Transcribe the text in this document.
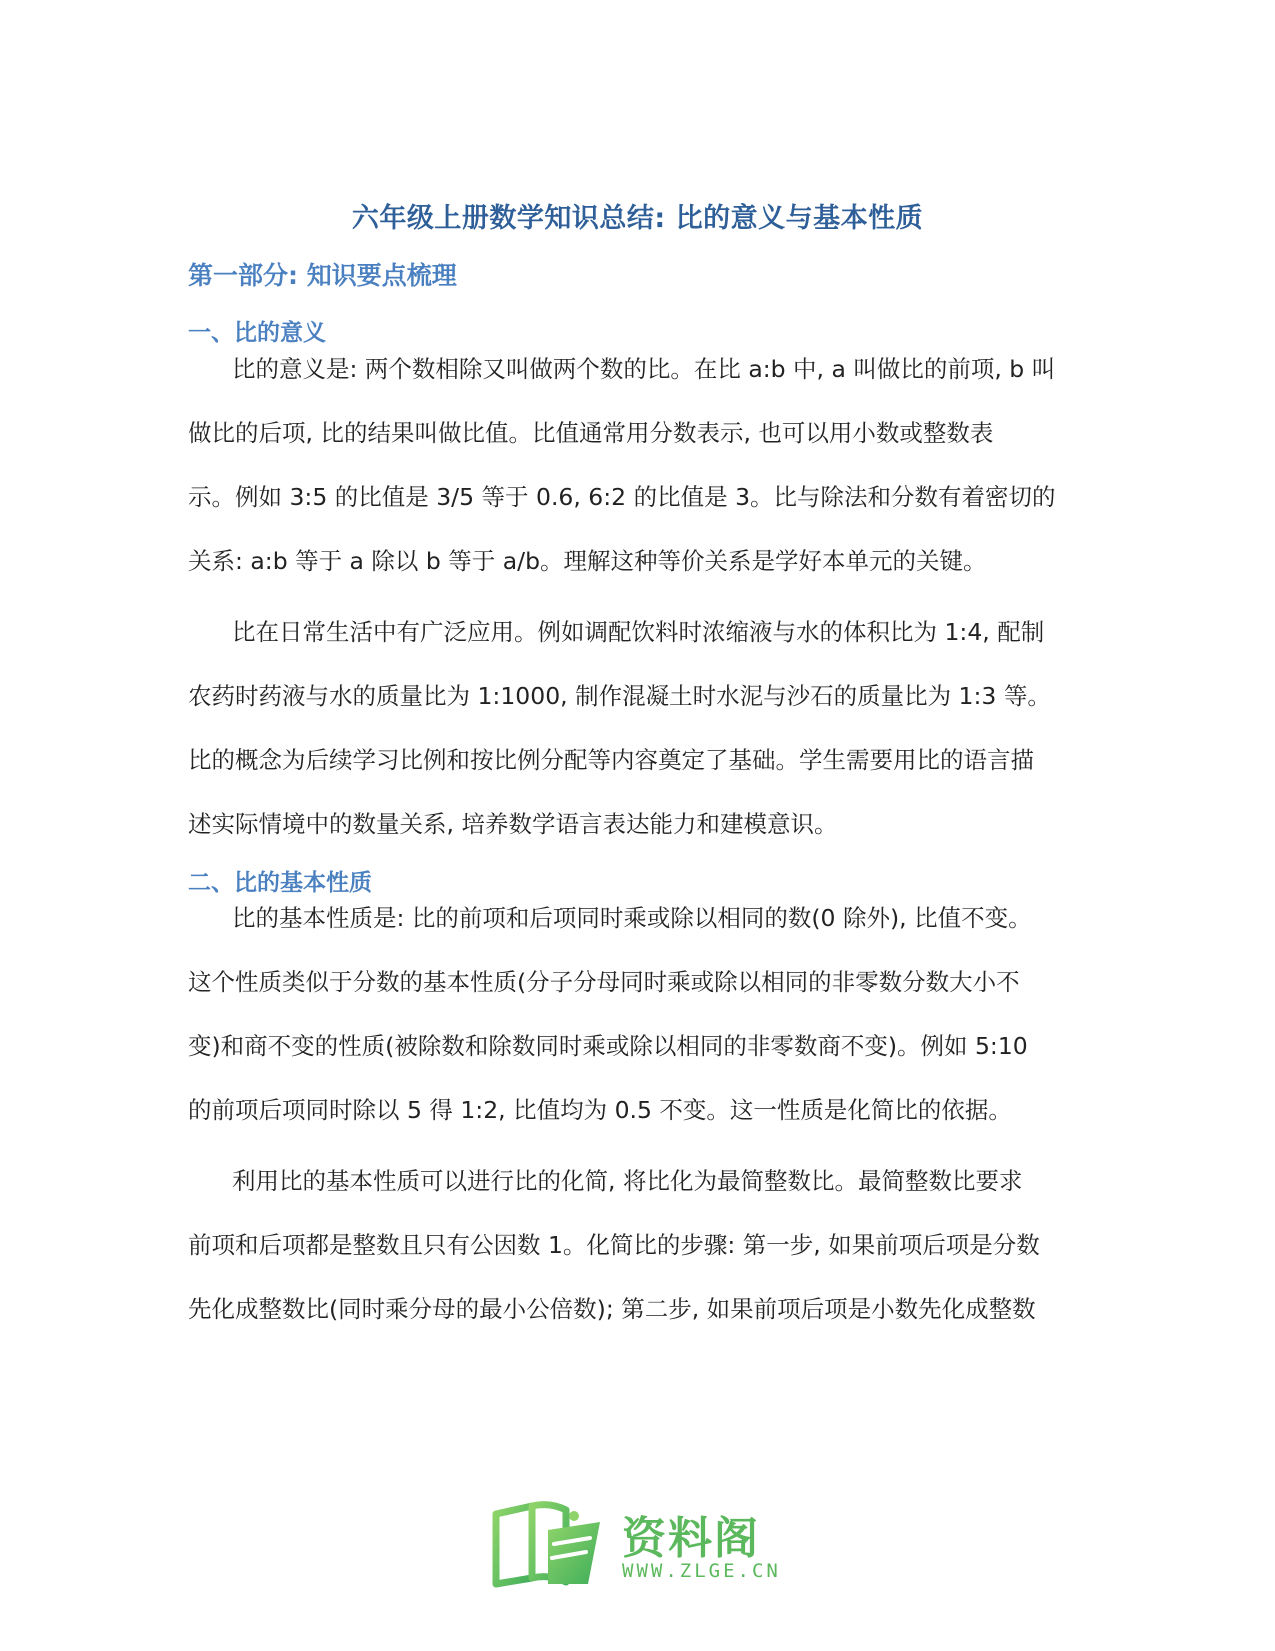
六年级上册数学知识总结: 比的意义与基本性质
第一部分: 知识要点梳理
一、比的意义
比的意义是: 两个数相除又叫做两个数的比。在比 a:b 中, a 叫做比的前项, b 叫
做比的后项, 比的结果叫做比值。比值通常用分数表示, 也可以用小数或整数表
示。例如 3:5 的比值是 3/5 等于 0.6, 6:2 的比值是 3。比与除法和分数有着密切的
关系: a:b 等于 a 除以 b 等于 a/b。理解这种等价关系是学好本单元的关键。
比在日常生活中有广泛应用。例如调配饮料时浓缩液与水的体积比为 1:4, 配制
农药时药液与水的质量比为 1:1000, 制作混凝土时水泥与沙石的质量比为 1:3 等。
比的概念为后续学习比例和按比例分配等内容奠定了基础。学生需要用比的语言描
述实际情境中的数量关系, 培养数学语言表达能力和建模意识。
二、比的基本性质
比的基本性质是: 比的前项和后项同时乘或除以相同的数(0 除外), 比值不变。
这个性质类似于分数的基本性质(分子分母同时乘或除以相同的非零数分数大小不
变)和商不变的性质(被除数和除数同时乘或除以相同的非零数商不变)。例如 5:10
的前项后项同时除以 5 得 1:2, 比值均为 0.5 不变。这一性质是化简比的依据。
利用比的基本性质可以进行比的化简, 将比化为最简整数比。最简整数比要求
前项和后项都是整数且只有公因数 1。化简比的步骤: 第一步, 如果前项后项是分数
先化成整数比(同时乘分母的最小公倍数); 第二步, 如果前项后项是小数先化成整数
资料阁
WWW.ZLGE.CN
